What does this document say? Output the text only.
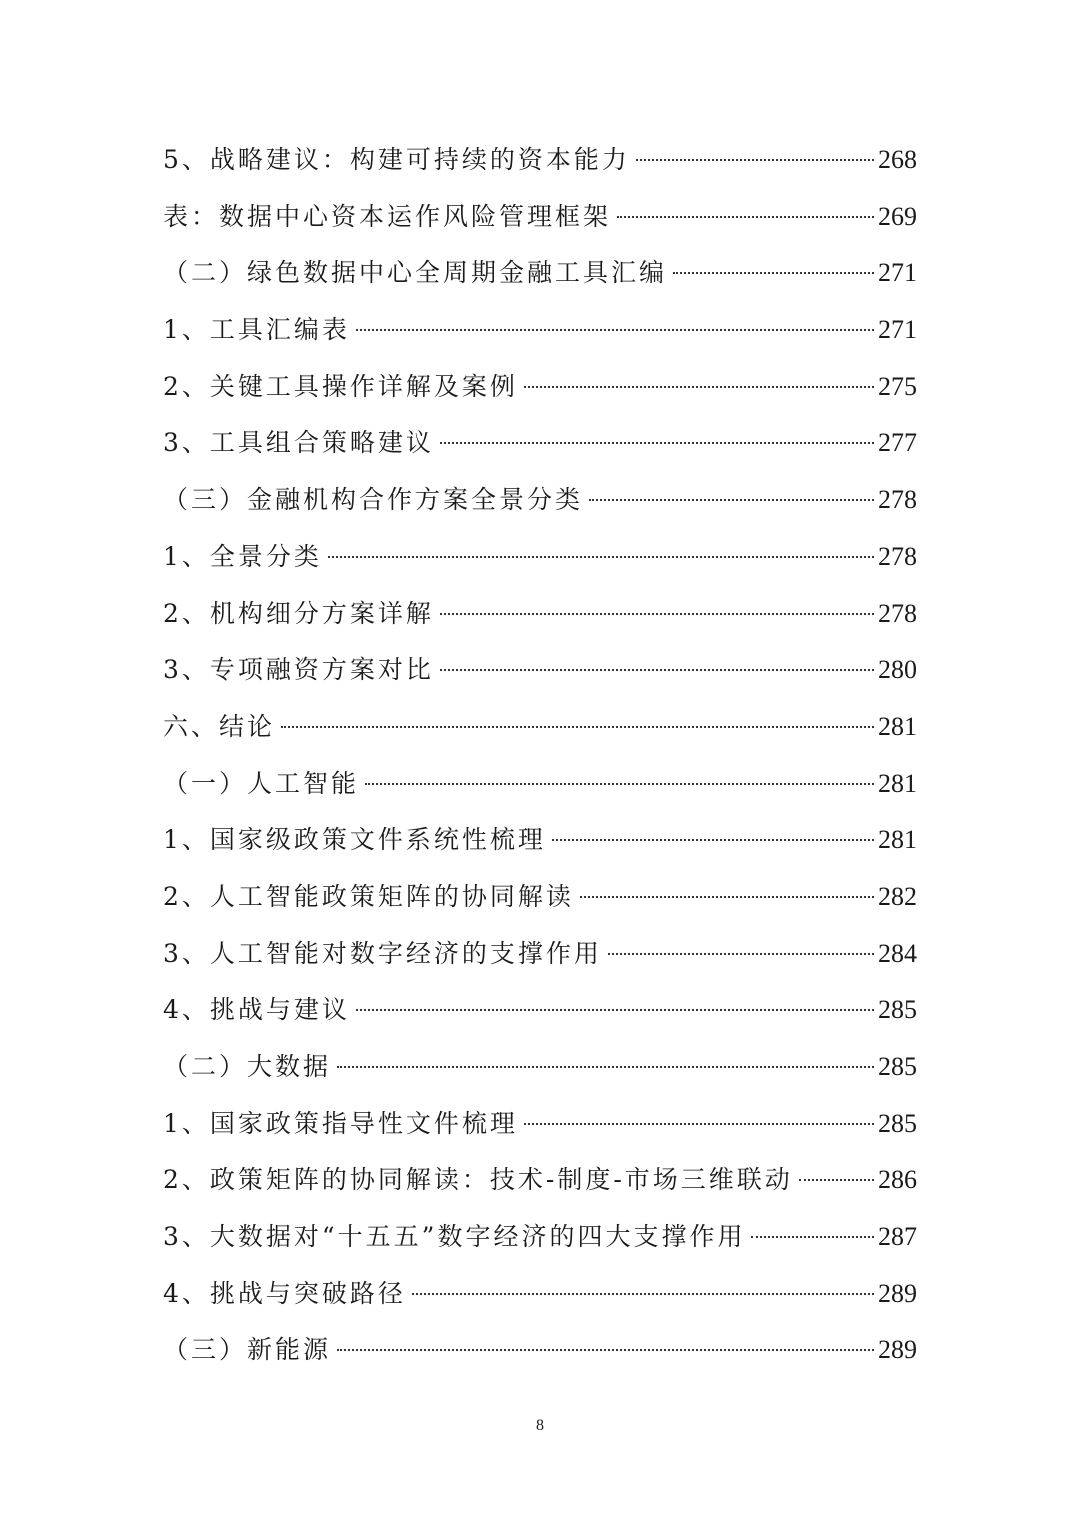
5、战略建议：构建可持续的资本能力	268
表：数据中心资本运作风险管理框架	269
（二）绿色数据中心全周期金融工具汇编	271
1、工具汇编表	271
2、关键工具操作详解及案例	275
3、工具组合策略建议	277
（三）金融机构合作方案全景分类	278
1、全景分类	278
2、机构细分方案详解	278
3、专项融资方案对比	280
六、结论	281
（一）人工智能	281
1、国家级政策文件系统性梳理	281
2、人工智能政策矩阵的协同解读	282
3、人工智能对数字经济的支撑作用	284
4、挑战与建议	285
（二）大数据	285
1、国家政策指导性文件梳理	285
2、政策矩阵的协同解读：技术-制度-市场三维联动	286
3、大数据对“十五五”数字经济的四大支撑作用	287
4、挑战与突破路径	289
（三）新能源	289
8
